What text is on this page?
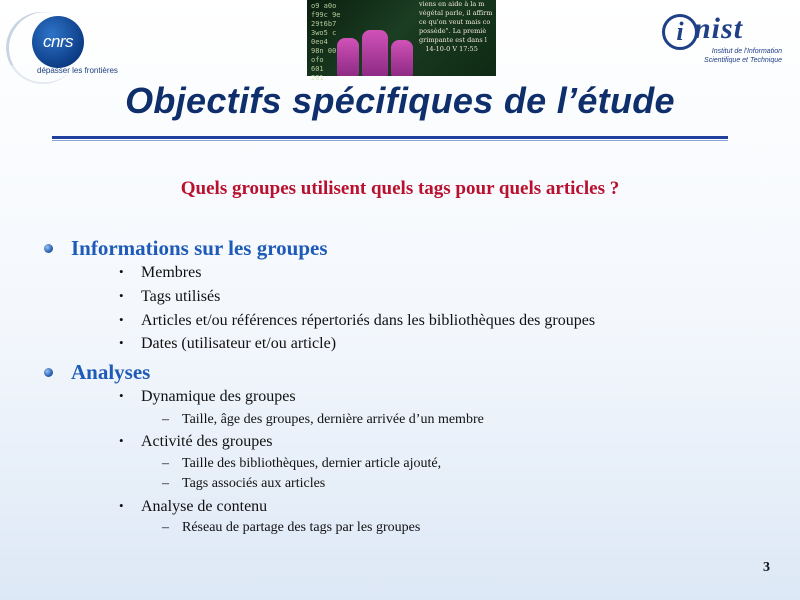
cnrs
dépasser les frontières
o9 a0o
f99c 9e
29t6b7
3wo5 c
0eo4
98n 00
ofo
601
281
viens en aide à la m
végétal parle, il affirm
ce qu'on veut mais co
possède". La premiè
grimpante est dans l
14-10-0 V 17:55
i nist
Institut de l'Information
Scientifique et Technique
Objectifs spécifiques de l’étude
Quels groupes utilisent quels tags pour quels articles ?
Informations sur les groupes
• Membres
• Tags utilisés
• Articles et/ou références répertoriés dans les bibliothèques des groupes
• Dates (utilisateur et/ou article)
Analyses
• Dynamique des groupes
– Taille, âge des groupes, dernière arrivée d’un membre
• Activité des groupes
– Taille des bibliothèques, dernier article ajouté,
– Tags associés aux articles
• Analyse de contenu
– Réseau de partage des tags par les groupes
3
